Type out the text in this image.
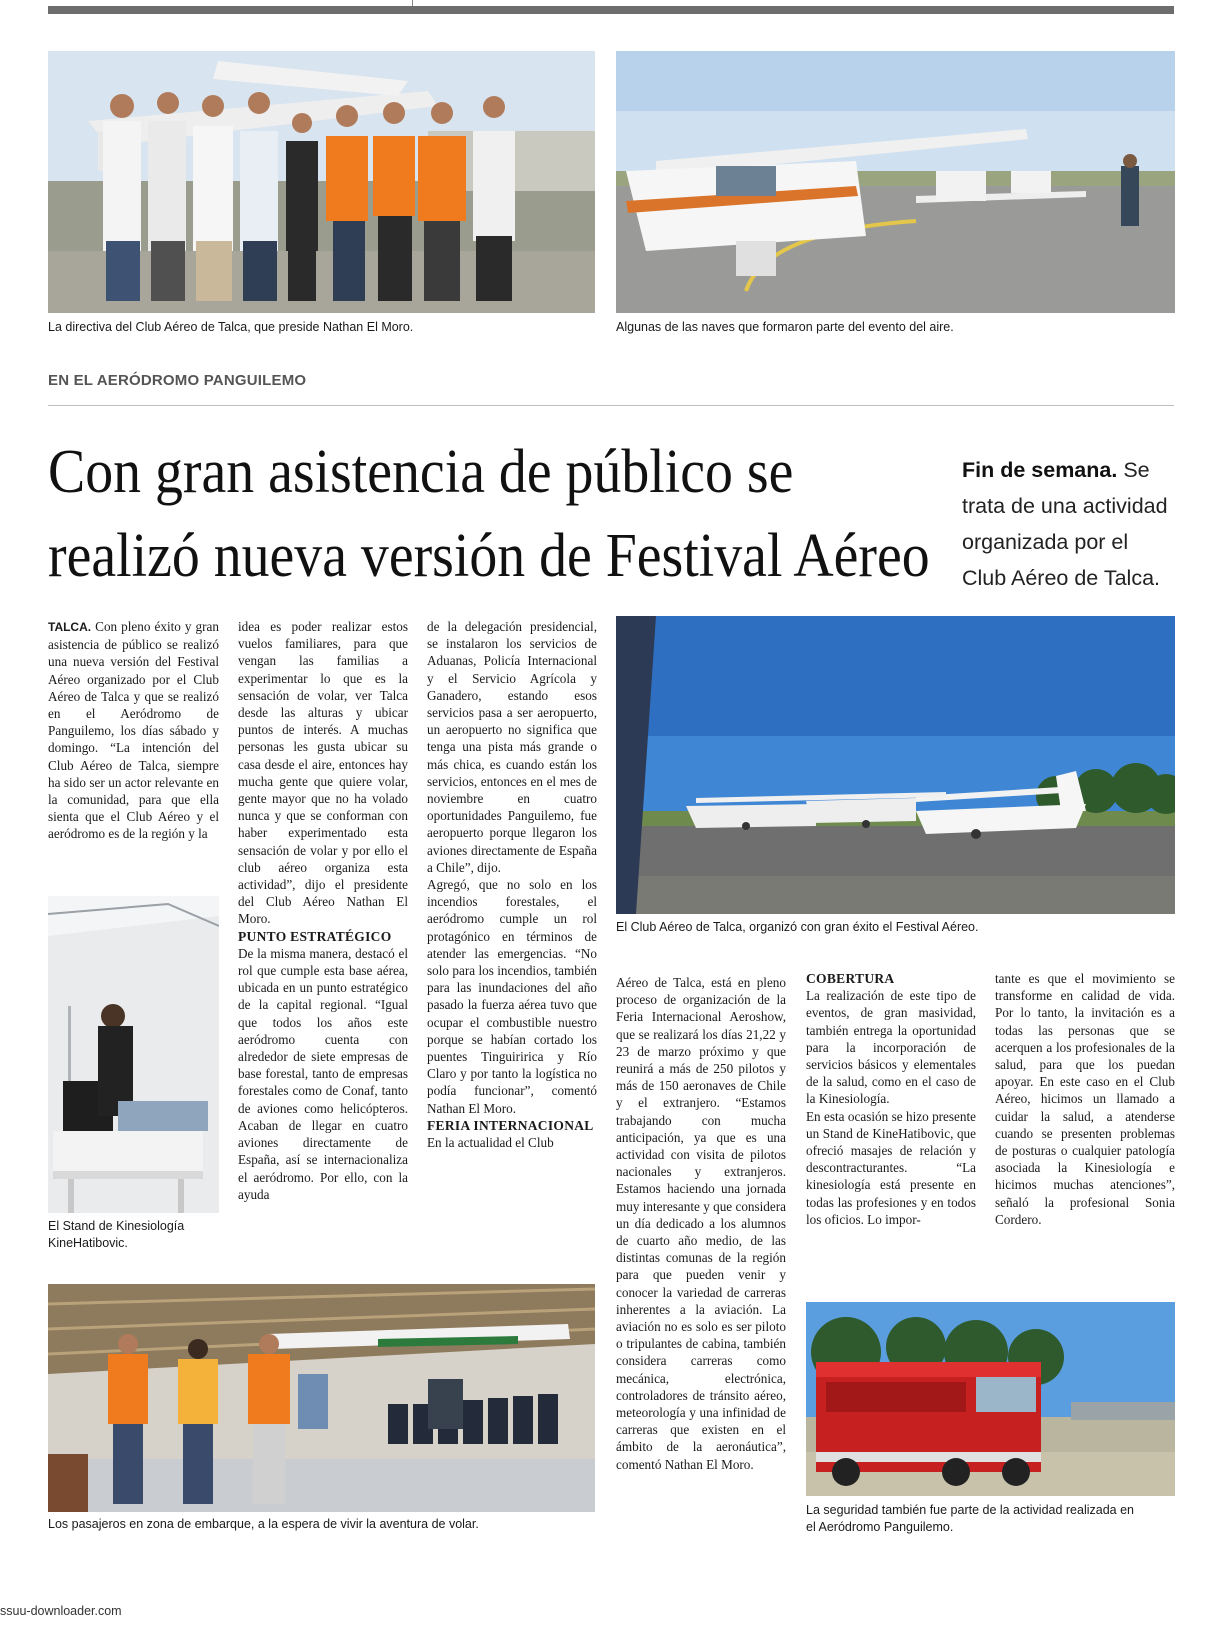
La directiva del Club Aéreo de Talca, que preside Nathan El Moro.	Algunas de las naves que formaron parte del evento del aire.
EN EL AERÓDROMO PANGUILEMO
Con gran asistencia de público se
realizó nueva versión de Festival Aéreo
Fin de semana. Se trata de una actividad organizada por el Club Aéreo de Talca.

TALCA. Con pleno éxito y gran asistencia de público se realizó una nueva versión del Festival Aéreo organizado por el Club Aéreo de Talca y que se realizó en el Aeródromo de Panguilemo, los días sábado y domingo. “La intención del Club Aéreo de Talca, siempre ha sido ser un actor relevante en la comunidad, para que ella sienta que el Club Aéreo y el aeródromo es de la región y la

El Stand de Kinesiología
KineHatibovic.

idea es poder realizar estos vuelos familiares, para que vengan las familias a experimentar lo que es la sensación de volar, ver Talca desde las alturas y ubicar puntos de interés. A muchas personas les gusta ubicar su casa desde el aire, entonces hay mucha gente que quiere volar, gente mayor que no ha volado nunca y que se conforman con haber experimentado esta sensación de volar y por ello el club aéreo organiza esta actividad”, dijo el presidente del Club Aéreo Nathan El Moro.

PUNTO ESTRATÉGICO

De la misma manera, destacó el rol que cumple esta base aérea, ubicada en un punto estratégico de la capital regional. “Igual que todos los años este aeródromo cuenta con alrededor de siete empresas de base forestal, tanto de empresas forestales como de Conaf, tanto de aviones como helicópteros. Acaban de llegar en cuatro aviones directamente de España, así se internacionaliza el aeródromo. Por ello, con la ayuda

de la delegación presidencial, se instalaron los servicios de Aduanas, Policía Internacional y el Servicio Agrícola y Ganadero, estando esos servicios pasa a ser aeropuerto, un aeropuerto no significa que tenga una pista más grande o más chica, es cuando están los servicios, entonces en el mes de noviembre en cuatro oportunidades Panguilemo, fue aeropuerto porque llegaron los aviones directamente de España a Chile”, dijo.

Agregó, que no solo en los incendios forestales, el aeródromo cumple un rol protagónico en términos de atender las emergencias. “No solo para los incendios, también para las inundaciones del año pasado la fuerza aérea tuvo que ocupar el combustible nuestro porque se habían cortado los puentes Tinguiririca y Río Claro y por tanto la logística no podía funcionar”, comentó Nathan El Moro.

FERIA INTERNACIONAL

En la actualidad el Club

El Club Aéreo de Talca, organizó con gran éxito el Festival Aéreo.

Aéreo de Talca, está en pleno proceso de organización de la Feria Internacional Aeroshow, que se realizará los días 21,22 y 23 de marzo próximo y que reunirá a más de 250 pilotos y más de 150 aeronaves de Chile y el extranjero. “Estamos trabajando con mucha anticipación, ya que es una actividad con visita de pilotos nacionales y extranjeros. Estamos haciendo una jornada muy interesante y que considera un día dedicado a los alumnos de cuarto año medio, de las distintas comunas de la región para que pueden venir y conocer la variedad de carreras inherentes a la aviación. La aviación no es solo es ser piloto o tripulantes de cabina, también considera carreras como mecánica, electrónica, controladores de tránsito aéreo, meteorología y una infinidad de carreras que existen en el ámbito de la aeronáutica”, comentó Nathan El Moro.

COBERTURA

La realización de este tipo de eventos, de gran masividad, también entrega la oportunidad para la incorporación de servicios básicos y elementales de la salud, como en el caso de la Kinesiología.

En esta ocasión se hizo presente un Stand de KineHatibovic, que ofreció masajes de relación y descontracturantes. “La kinesiología está presente en todas las profesiones y en todos los oficios. Lo impor-

tante es que el movimiento se transforme en calidad de vida. Por lo tanto, la invitación es a todas las personas que se acerquen a los profesionales de la salud, para que los puedan apoyar. En este caso en el Club Aéreo, hicimos un llamado a cuidar la salud, a atenderse cuando se presenten problemas de posturas o cualquier patología asociada la Kinesiología e hicimos muchas atenciones”, señaló la profesional Sonia Cordero.

Los pasajeros en zona de embarque, a la espera de vivir la aventura de volar.
La seguridad también fue parte de la actividad realizada en
el Aeródromo Panguilemo.
ssuu-downloader.com
